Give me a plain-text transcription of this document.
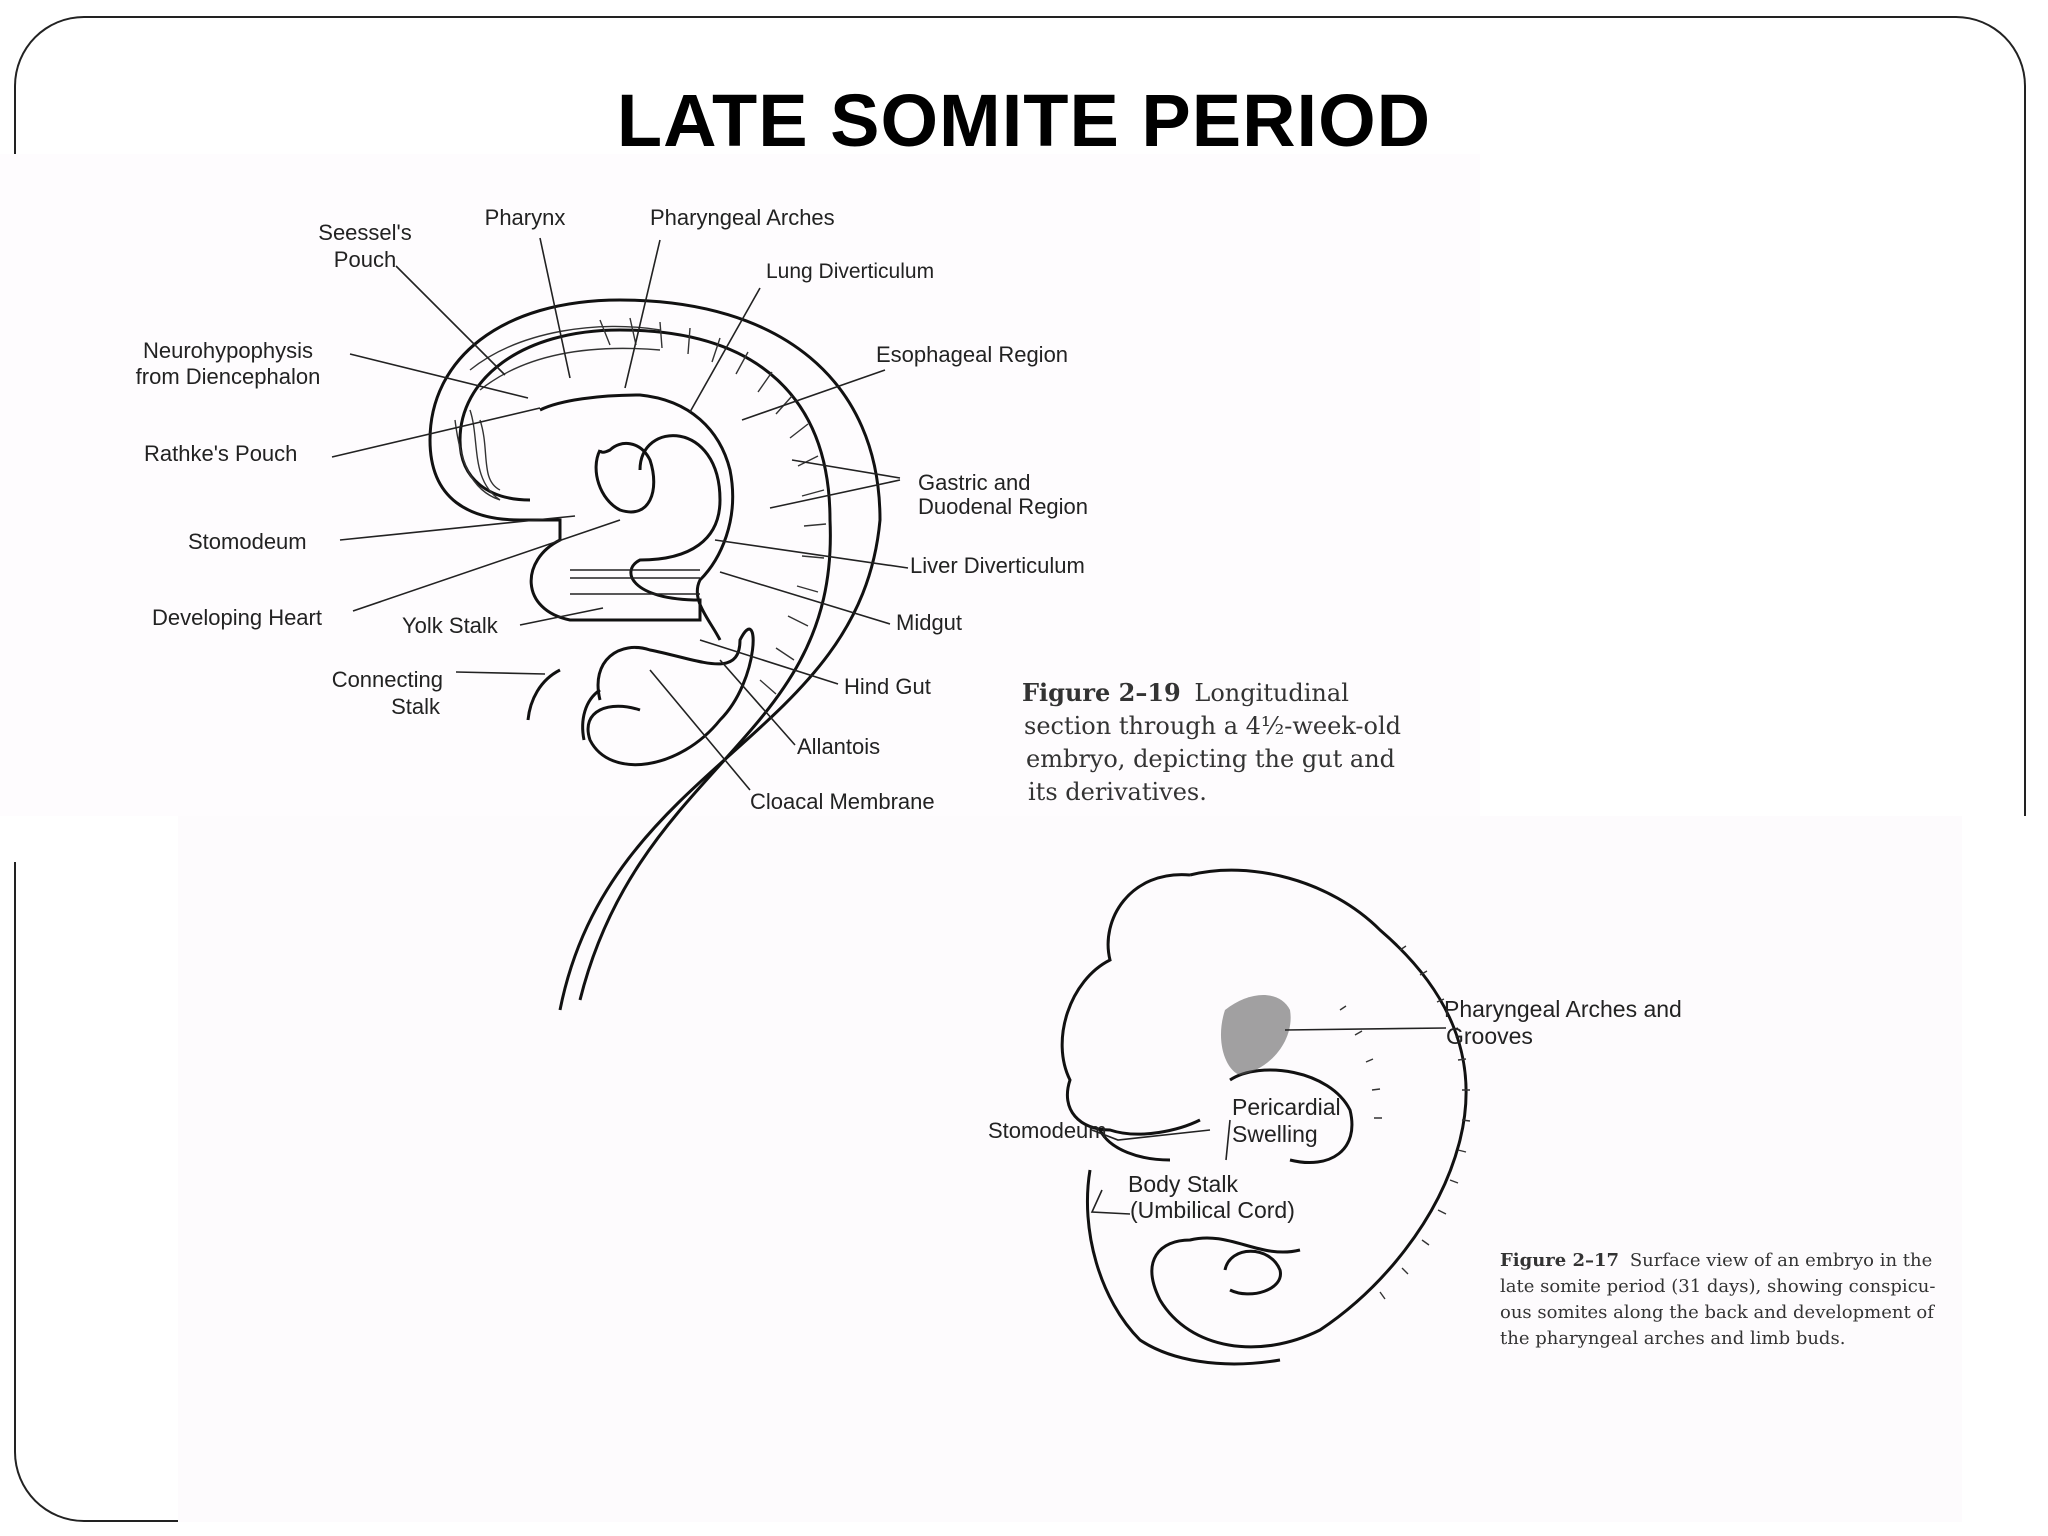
LATE SOMITE PERIOD
Seessel's
Pouch
Pharynx	Pharyngeal Arches
Lung Diverticulum
Neurohypophysis
from Diencephalon
Esophageal Region
Rathke's Pouch
Gastric and
Duodenal Region
Stomodeum
Liver Diverticulum
Developing Heart	Yolk Stalk	Midgut
Connecting
Stalk
Hind Gut
Allantois
Cloacal Membrane
Figure 2–19 Longitudinal
section through a 4½-week-old
embryo, depicting the gut and
its derivatives.
Pharyngeal Arches and
Grooves
Stomodeum
Pericardial
Swelling
Body Stalk
(Umbilical Cord)
Figure 2–17 Surface view of an embryo in the
late somite period (31 days), showing conspicu-
ous somites along the back and development of
the pharyngeal arches and limb buds.
